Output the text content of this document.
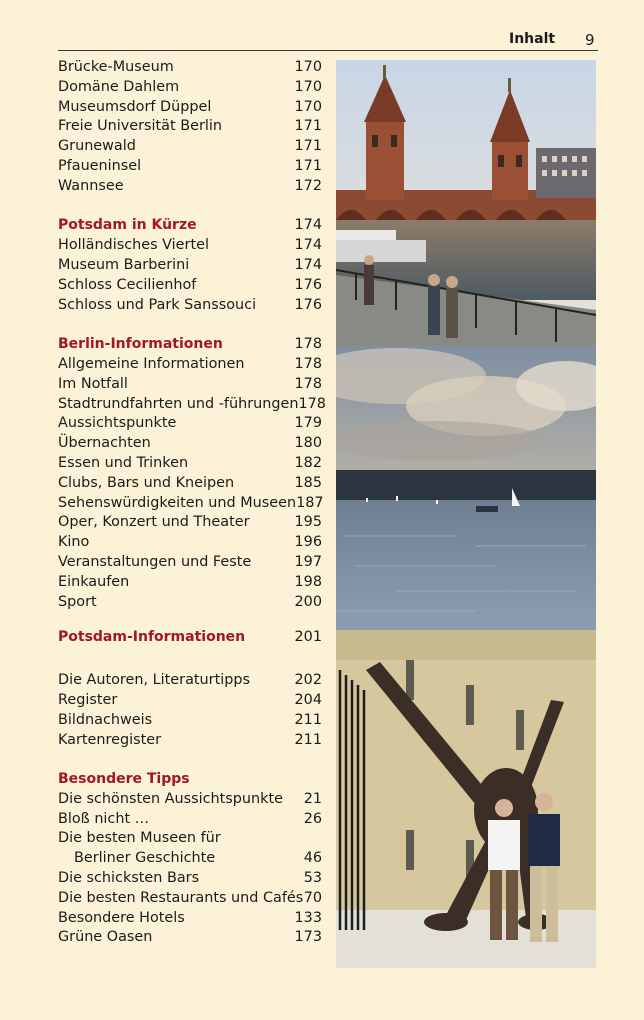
Inhalt 9
Brücke-Museum	170
Domäne Dahlem	170
Museumsdorf Düppel	170
Freie Universität Berlin	171
Grunewald	171
Pfaueninsel	171
Wannsee	172
Potsdam in Kürze	174
Holländisches Viertel	174
Museum Barberini	174
Schloss Cecilienhof	176
Schloss und Park Sanssouci	176
Berlin-Informationen	178
Allgemeine Informationen	178
Im Notfall	178
Stadtrundfahrten und -führungen 178
Aussichtspunkte	179
Übernachten	180
Essen und Trinken	182
Clubs, Bars und Kneipen	185
Sehenswürdigkeiten und Museen 187
Oper, Konzert und Theater	195
Kino	196
Veranstaltungen und Feste	197
Einkaufen	198
Sport	200
Potsdam-Informationen	201
Die Autoren, Literaturtipps	202
Register	204
Bildnachweis	211
Kartenregister	211
Besondere Tipps
Die schönsten Aussichtspunkte 21
Bloß nicht …	26
Die besten Museen für
Berliner Geschichte	46
Die schicksten Bars	53
Die besten Restaurants und Cafés 70
Besondere Hotels	133
Grüne Oasen	173
